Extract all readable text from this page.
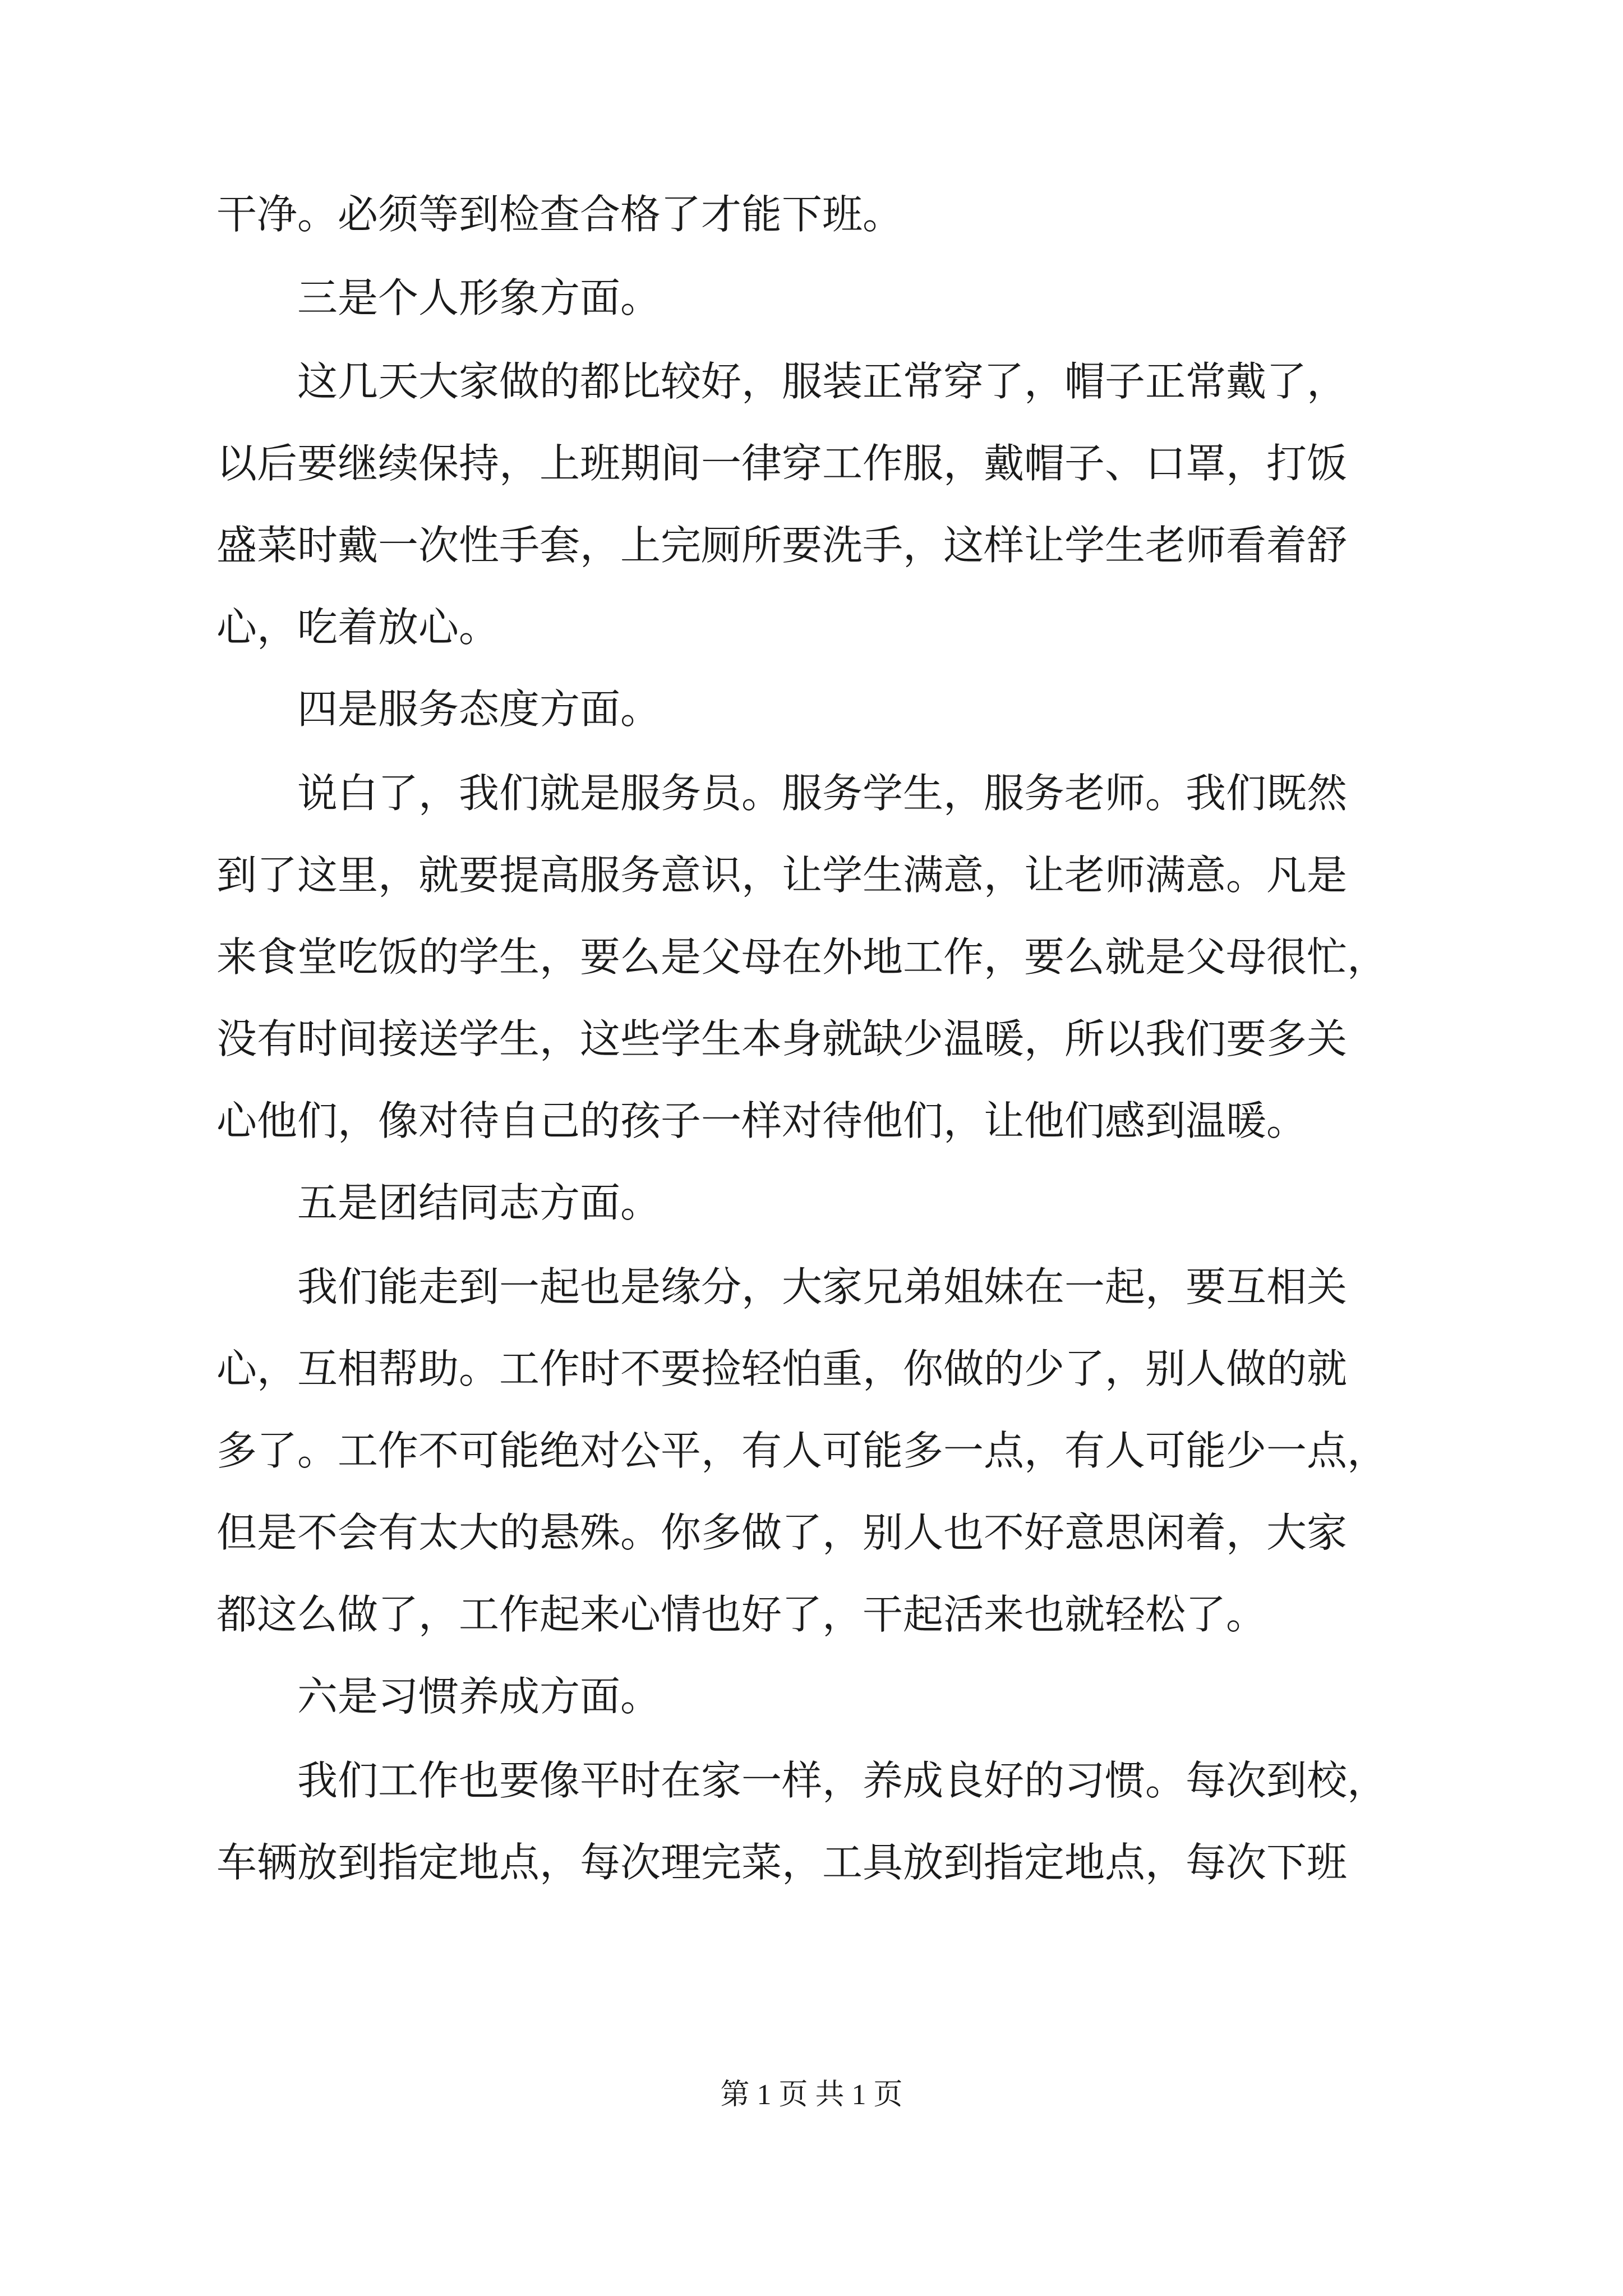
干净。必须等到检查合格了才能下班。
三是个人形象方面。
这几天大家做的都比较好，服装正常穿了，帽子正常戴了，
以后要继续保持，上班期间一律穿工作服，戴帽子、口罩，打饭
盛菜时戴一次性手套，上完厕所要洗手，这样让学生老师看着舒
心，吃着放心。
四是服务态度方面。
说白了，我们就是服务员。服务学生，服务老师。我们既然
到了这里，就要提高服务意识，让学生满意，让老师满意。凡是
来食堂吃饭的学生，要么是父母在外地工作，要么就是父母很忙，
没有时间接送学生，这些学生本身就缺少温暖，所以我们要多关
心他们，像对待自己的孩子一样对待他们，让他们感到温暖。
五是团结同志方面。
我们能走到一起也是缘分，大家兄弟姐妹在一起，要互相关
心，互相帮助。工作时不要捡轻怕重，你做的少了，别人做的就
多了。工作不可能绝对公平，有人可能多一点，有人可能少一点，
但是不会有太大的悬殊。你多做了，别人也不好意思闲着，大家
都这么做了，工作起来心情也好了，干起活来也就轻松了。
六是习惯养成方面。
我们工作也要像平时在家一样，养成良好的习惯。每次到校，
车辆放到指定地点，每次理完菜，工具放到指定地点，每次下班
第 1 页 共 1 页
